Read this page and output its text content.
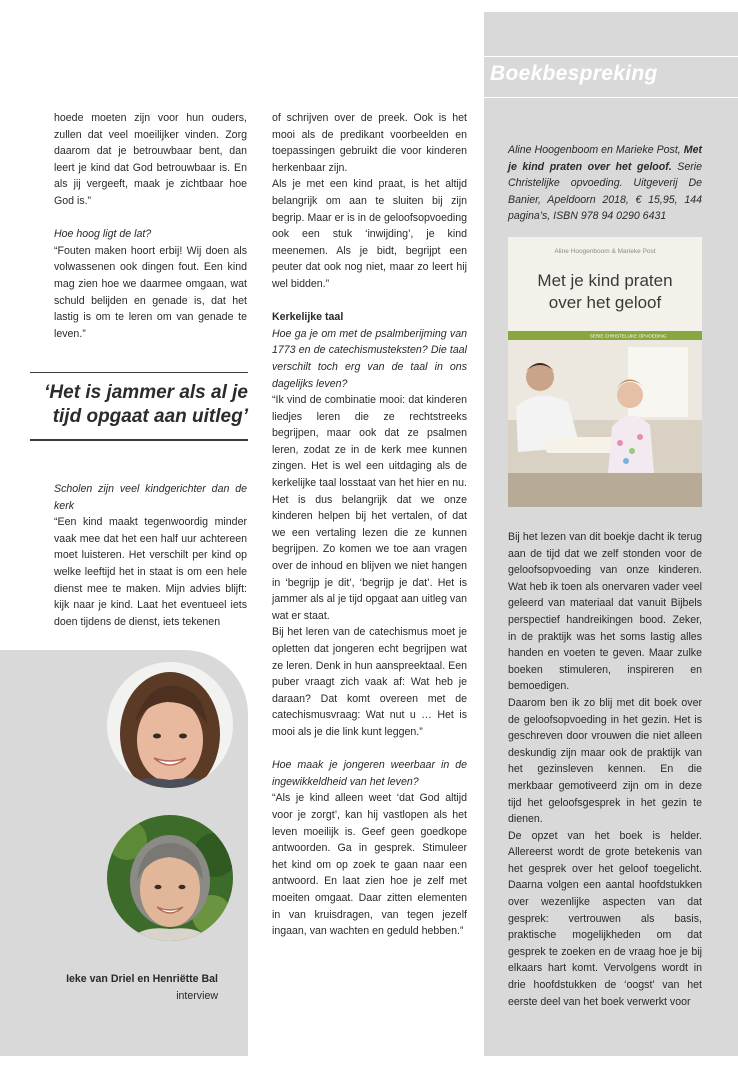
hoede moeten zijn voor hun ouders, zullen dat veel moeilijker vinden. Zorg daarom dat je betrouwbaar bent, dan leert je kind dat God betrouwbaar is. En als jij vergeeft, maak je zichtbaar hoe God is.”

Hoe hoog ligt de lat?

“Fouten maken hoort erbij! Wij doen als volwassenen ook dingen fout. Een kind mag zien hoe we daarmee omgaan, wat schuld belijden en genade is, dat het lastig is om te leren om van genade te leven.”

‘Het is jammer als al je tijd opgaat aan uitleg’

Scholen zijn veel kindgerichter dan de kerk

“Een kind maakt tegenwoordig minder vaak mee dat het een half uur achtereen moet luisteren. Het verschilt per kind op welke leeftijd het in staat is om een hele dienst mee te maken. Mijn advies blijft: kijk naar je kind. Laat het eventueel iets doen tijdens de dienst, iets tekenen

Ieke van Driel en Henriëtte Bal
interview

of schrijven over de preek. Ook is het mooi als de predikant voorbeelden en toepassingen gebruikt die voor kinderen herkenbaar zijn.

Als je met een kind praat, is het altijd belangrijk om aan te sluiten bij zijn begrip. Maar er is in de geloofsopvoeding ook een stuk ‘inwijding’, je kind meenemen. Als je bidt, begrijpt een peuter dat ook nog niet, maar zo leert hij wel bidden.”

Kerkelijke taal

Hoe ga je om met de psalmberijming van 1773 en de catechismusteksten? Die taal verschilt toch erg van de taal in ons dagelijks leven?

“Ik vind de combinatie mooi: dat kinderen liedjes leren die ze rechtstreeks begrijpen, maar ook dat ze psalmen leren, zodat ze in de kerk mee kunnen zingen. Het is wel een uitdaging als de kerkelijke taal losstaat van het hier en nu. Het is dus belangrijk dat we onze kinderen helpen bij het vertalen, of dat we een vertaling lezen die ze kunnen begrijpen. Zo komen we toe aan vragen over de inhoud en blijven we niet hangen in ‘begrijp je dit’, ‘begrijp je dat’. Het is jammer als al je tijd opgaat aan uitleg van wat er staat.

Bij het leren van de catechismus moet je opletten dat jongeren echt begrijpen wat ze leren. Denk in hun aanspreektaal. Een puber vraagt zich vaak af: Wat heb je daraan? Dat komt overeen met de catechismusvraag: Wat nut u … Het is mooi als je die link kunt leggen.”

Hoe maak je jongeren weerbaar in de ingewikkeldheid van het leven?

“Als je kind alleen weet ‘dat God altijd voor je zorgt’, kan hij vastlopen als het leven moeilijk is. Geef geen goedkope antwoorden. Ga in gesprek. Stimuleer het kind om op zoek te gaan naar een antwoord. En laat zien hoe je zelf met moeiten omgaat. Daar zitten elementen in van kruisdragen, van tegen jezelf ingaan, van wachten en geduld hebben.”

Boekbespreking
Aline Hoogenboom en Marieke Post, Met je kind praten over het geloof. Serie Christelijke opvoeding. Uitgeverij De Banier, Apeldoorn 2018, € 15,95, 144 pagina’s, ISBN 978 94 0290 6431
Aline Hoogenboom & Marieke Post
Met je kind praten
over het geloof
SERIE CHRISTELIJKE OPVOEDING

Bij het lezen van dit boekje dacht ik terug aan de tijd dat we zelf stonden voor de geloofsopvoeding van onze kinderen. Wat heb ik toen als onervaren vader veel geleerd van materiaal dat vanuit Bijbels perspectief handreikingen bood. Zeker, in de praktijk was het soms lastig alles handen en voeten te geven. Maar zulke boeken stimuleren, inspireren en bemoedigen.

Daarom ben ik zo blij met dit boek over de geloofsopvoeding in het gezin. Het is geschreven door vrouwen die niet alleen deskundig zijn maar ook de praktijk van het gezinsleven kennen. En die merkbaar gemotiveerd zijn om in deze tijd het geloofsgesprek in het gezin te dienen.

De opzet van het boek is helder. Allereerst wordt de grote betekenis van het gesprek over het geloof toegelicht. Daarna volgen een aantal hoofdstukken over wezenlijke aspecten van dat gesprek: vertrouwen als basis, praktische mogelijkheden om dat gesprek te zoeken en de vraag hoe je bij elkaars hart komt. Vervolgens wordt in drie hoofdstukken de ‘oogst’ van het eerste deel van het boek verwerkt voor
